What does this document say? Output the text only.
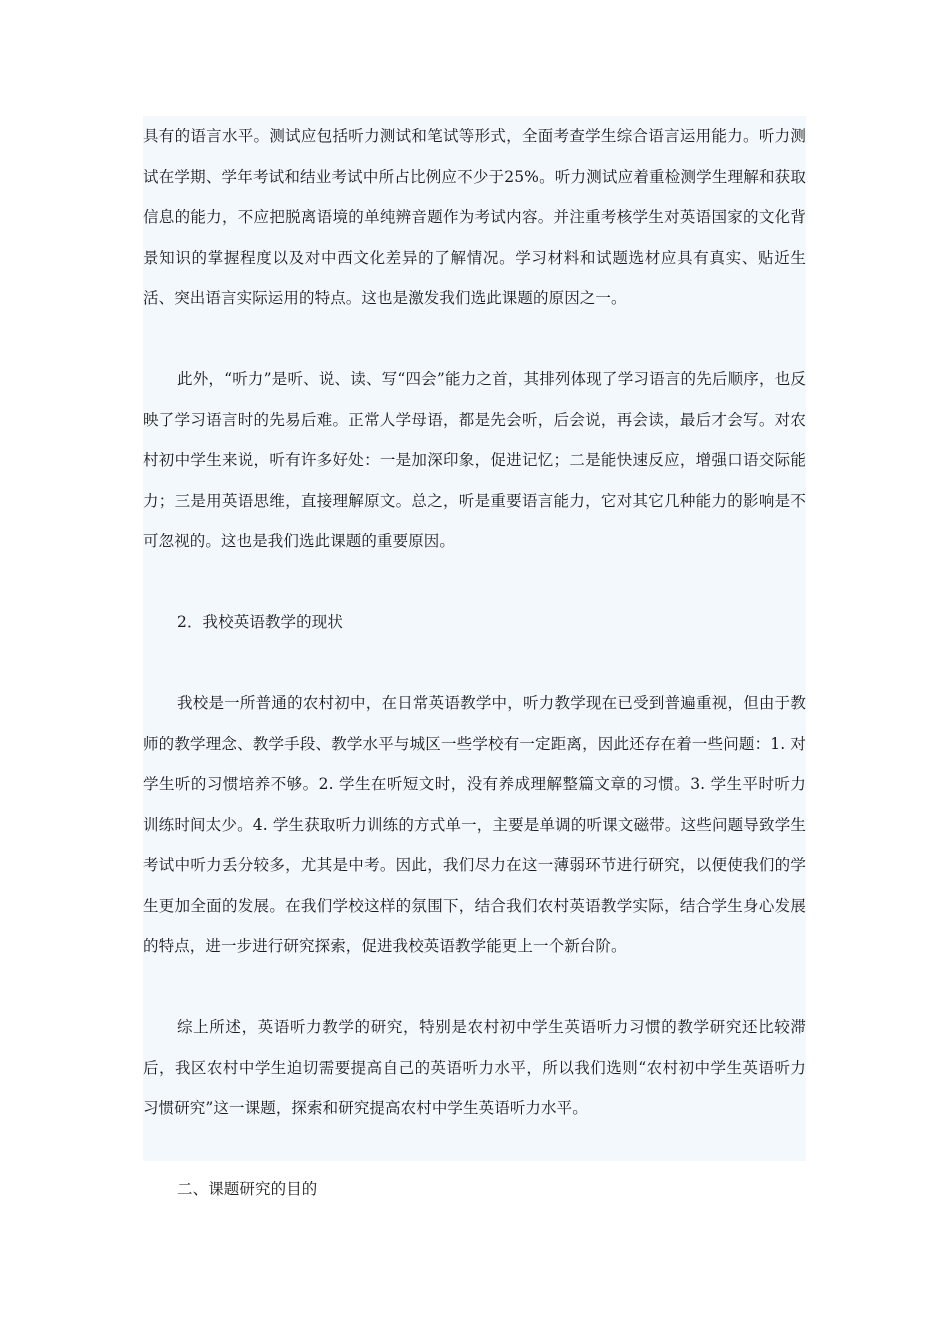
具有的语言水平。测试应包括听力测试和笔试等形式，全面考查学生综合语言运用能力。听力测试在学期、学年考试和结业考试中所占比例应不少于25%。听力测试应着重检测学生理解和获取信息的能力，不应把脱离语境的单纯辨音题作为考试内容。并注重考核学生对英语国家的文化背景知识的掌握程度以及对中西文化差异的了解情况。学习材料和试题选材应具有真实、贴近生活、突出语言实际运用的特点。这也是激发我们选此课题的原因之一。

此外，“听力”是听、说、读、写“四会”能力之首，其排列体现了学习语言的先后顺序，也反映了学习语言时的先易后难。正常人学母语，都是先会听，后会说，再会读，最后才会写。对农村初中学生来说，听有许多好处：一是加深印象，促进记忆；二是能快速反应，增强口语交际能力；三是用英语思维，直接理解原文。总之，听是重要语言能力，它对其它几种能力的影响是不可忽视的。这也是我们选此课题的重要原因。

2．我校英语教学的现状

我校是一所普通的农村初中，在日常英语教学中，听力教学现在已受到普遍重视，但由于教师的教学理念、教学手段、教学水平与城区一些学校有一定距离，因此还存在着一些问题：1. 对学生听的习惯培养不够。2. 学生在听短文时，没有养成理解整篇文章的习惯。3. 学生平时听力训练时间太少。4. 学生获取听力训练的方式单一，主要是单调的听课文磁带。这些问题导致学生考试中听力丢分较多，尤其是中考。因此，我们尽力在这一薄弱环节进行研究，以便使我们的学生更加全面的发展。在我们学校这样的氛围下，结合我们农村英语教学实际，结合学生身心发展的特点，进一步进行研究探索，促进我校英语教学能更上一个新台阶。

综上所述，英语听力教学的研究，特别是农村初中学生英语听力习惯的教学研究还比较滞后，我区农村中学生迫切需要提高自己的英语听力水平，所以我们选则“农村初中学生英语听力习惯研究”这一课题，探索和研究提高农村中学生英语听力水平。

二、课题研究的目的
